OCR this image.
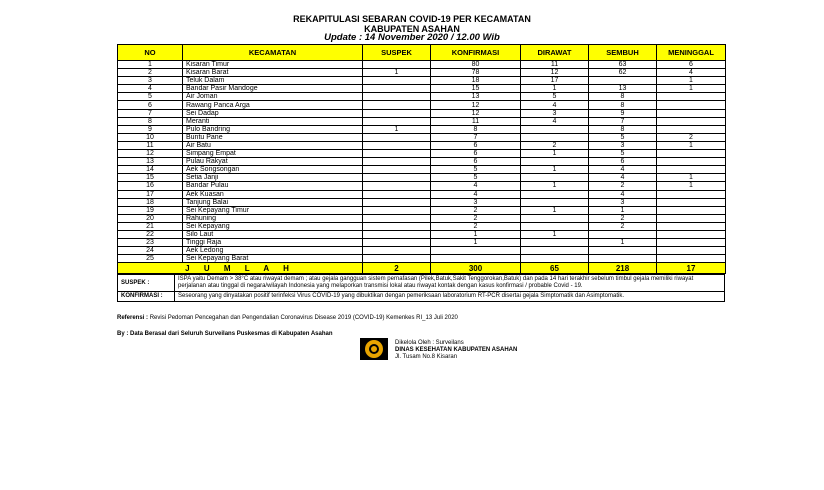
REKAPITULASI SEBARAN COVID-19 PER KECAMATAN
KABUPATEN ASAHAN
Update : 14 November 2020 / 12.00 Wib
NO	KECAMATAN	SUSPEK	KONFIRMASI	DIRAWAT	SEMBUH	MENINGGAL
1	Kisaran Timur		80	11	63	6
2	Kisaran Barat	1	78	12	62	4
3	Teluk Dalam		18	17		1
4	Bandar Pasir Mandoge		15	1	13	1
5	Air Joman		13	5	8	
6	Rawang Panca Arga		12	4	8	
7	Sei Dadap		12	3	9	
8	Meranti		11	4	7	
9	Pulo Bandring	1	8		8	
10	Buntu Pane		7		5	2
11	Air Batu		6	2	3	1
12	Simpang Empat		6	1	5	
13	Pulau Rakyat		6		6	
14	Aek Songsongan		5	1	4	
15	Setia Janji		5		4	1
16	Bandar Pulau		4	1	2	1
17	Aek Kuasan		4		4	
18	Tanjung Balai		3		3	
19	Sei Kepayang Timur		2	1	1	
20	Rahuning		2		2	
21	Sei Kepayang		2		2	
22	Silo Laut		1	1		
23	Tinggi Raja		1		1	
24	Aek Ledong					
25	Sei Kepayang Barat					
J U M L A H		2	300	65	218	17
SUSPEK :	ISPA yaitu Demam > 38°C atau riwayat demam ; atau gejala gangguan sistem pernafasan (Pilek,Batuk,Sakit Tenggorokan,Batuk) dan pada 14 hari terakhir sebelum timbul gejala memiliki riwayat perjalanan atau tinggal di negara/wilayah Indonesia yang melaporkan transmisi lokal atau riwayat kontak dengan kasus konfirmasi / probable Covid - 19.
KONFIRMASI :	Seseorang yang dinyatakan positif terinfeksi Virus COVID-19 yang dibuktikan dengan pemeriksaan laboratorium RT-PCR disertai gejala Simptomatik dan Asimptomatik.
Referensi : Revisi Pedoman Pencegahan dan Pengendalian Coronavirus Disease 2019 (COVID-19) Kemenkes RI_13 Juli 2020
By : Data Berasal dari Seluruh Surveilans Puskesmas di Kabupaten Asahan
Dikelola Oleh : Surveilans
DINAS KESEHATAN KABUPATEN ASAHAN
Jl. Tusam No.8 Kisaran
